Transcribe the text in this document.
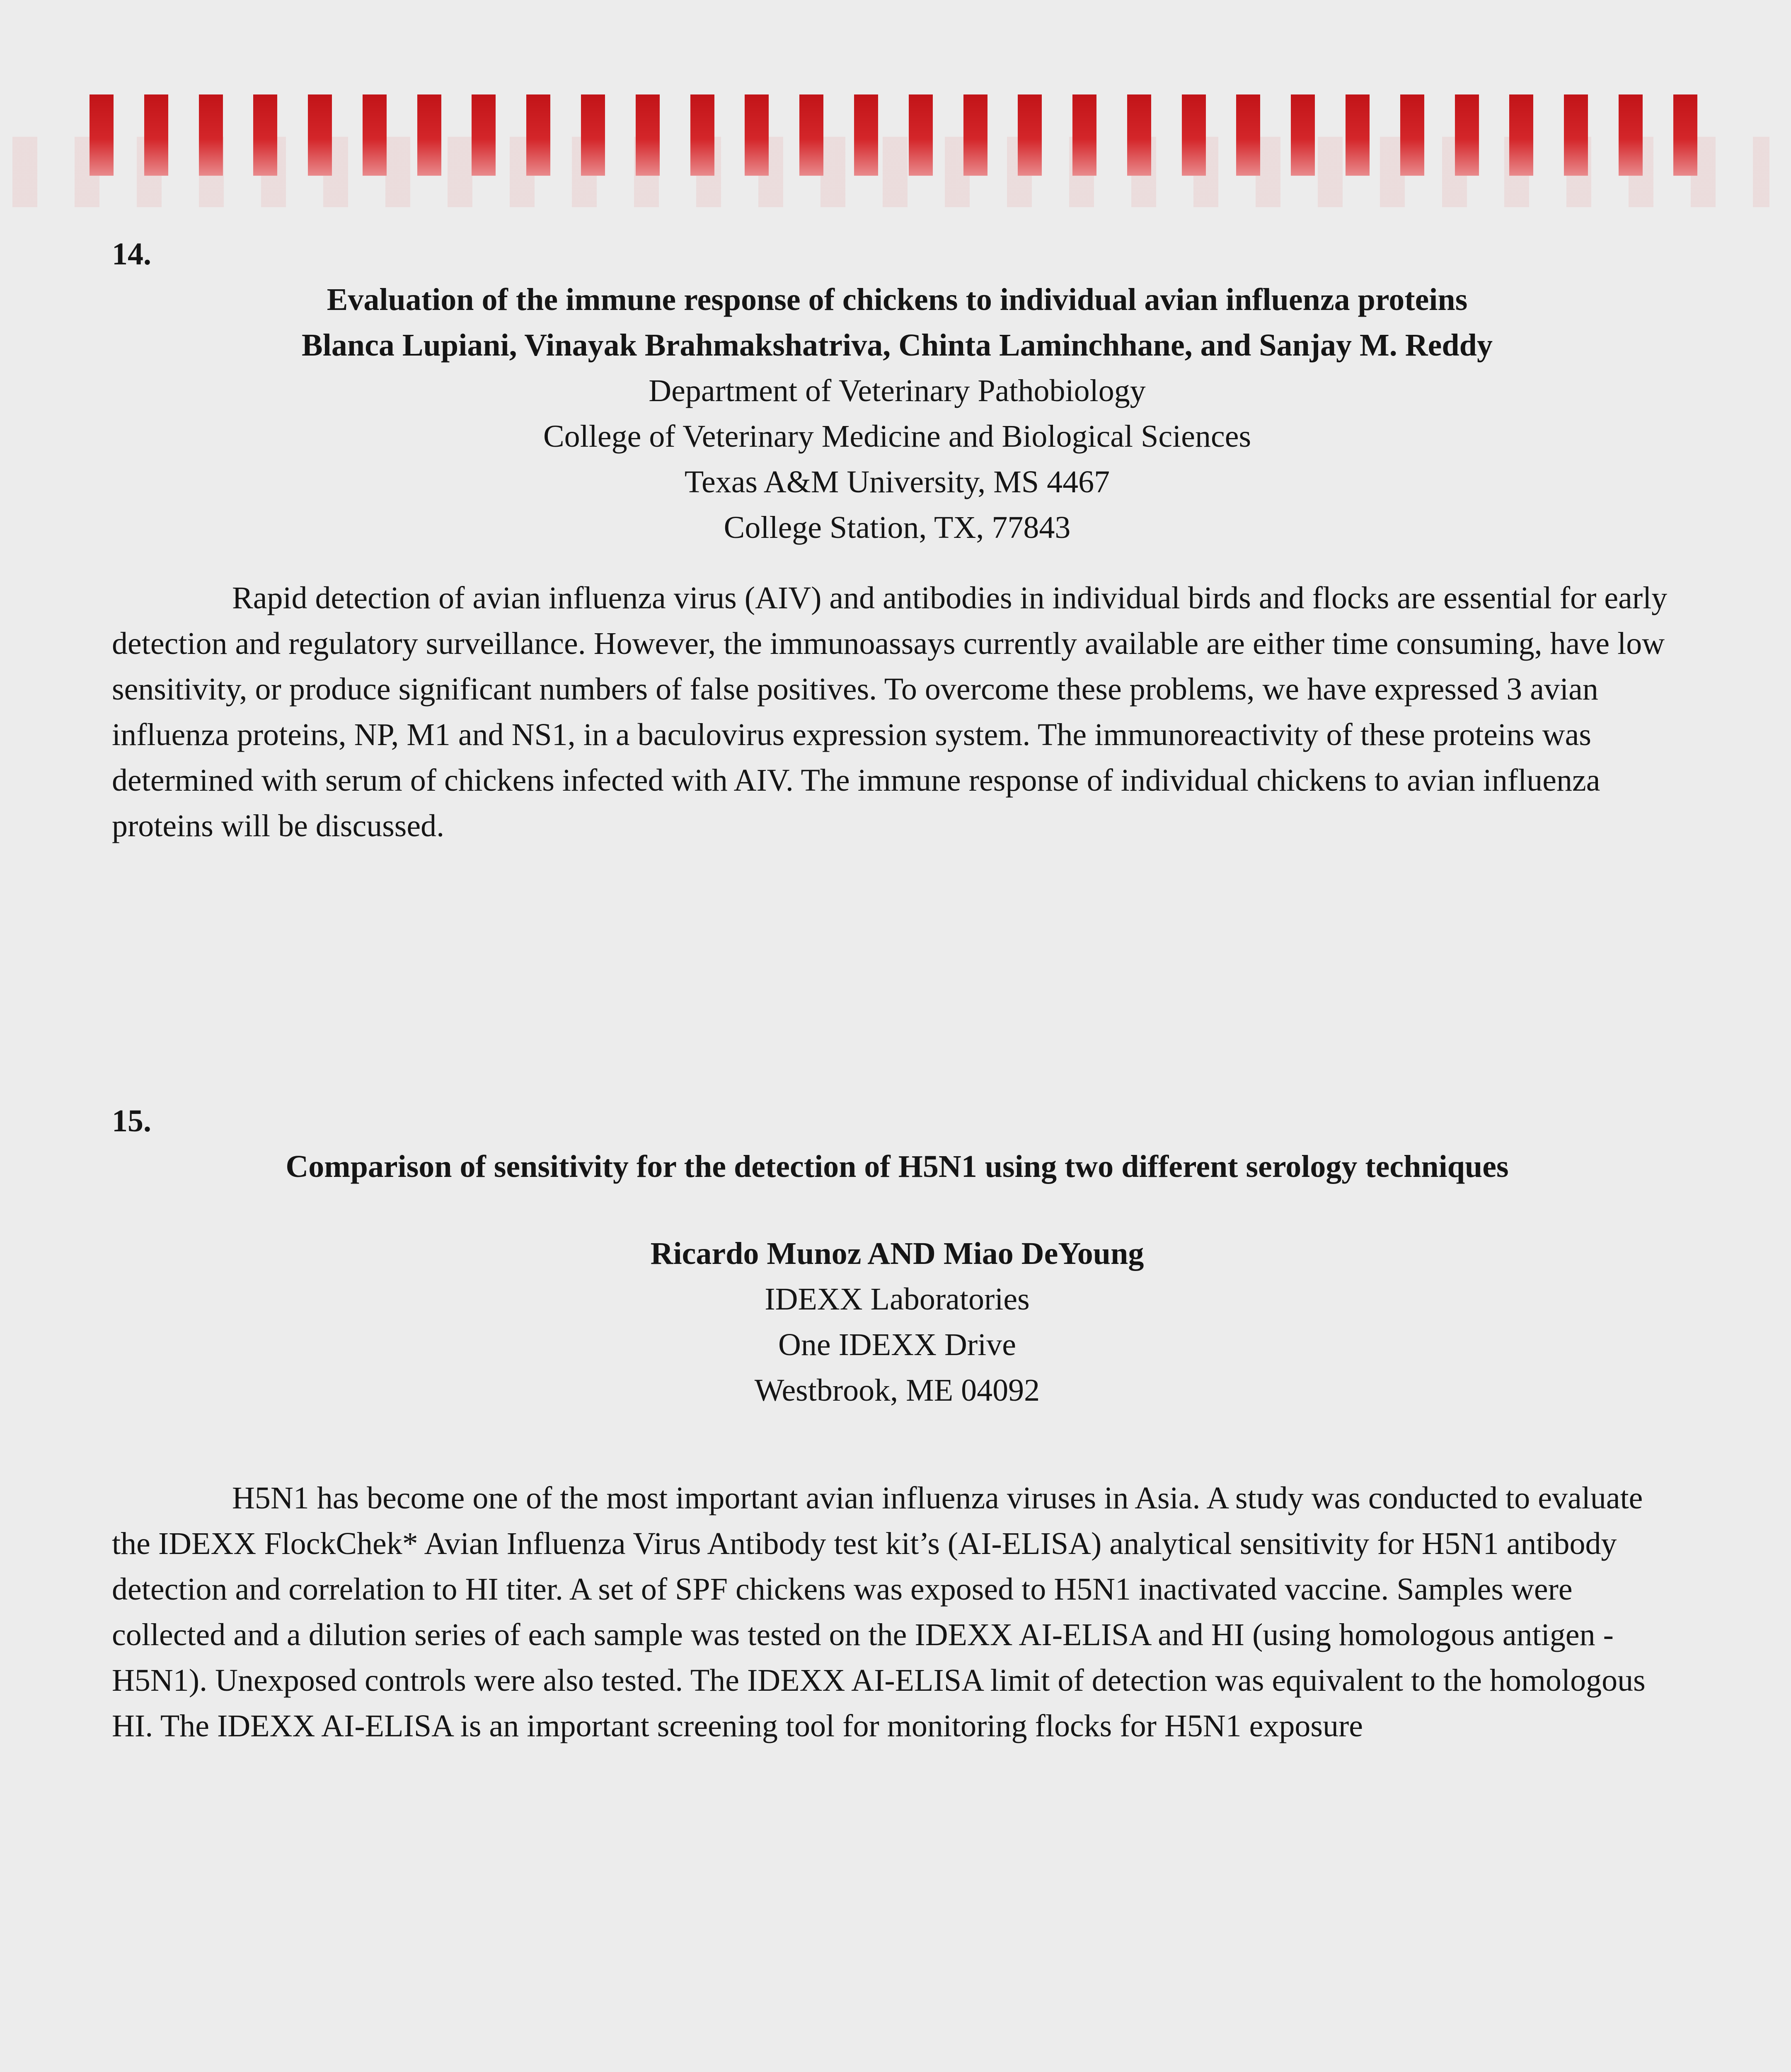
14.
Evaluation of the immune response of chickens to individual avian influenza proteins
Blanca Lupiani, Vinayak Brahmakshatriva, Chinta Laminchhane, and Sanjay M. Reddy
Department of Veterinary Pathobiology
College of Veterinary Medicine and Biological Sciences
Texas A&M University, MS 4467
College Station, TX, 77843

Rapid detection of avian influenza virus (AIV) and antibodies in individual birds and flocks are essential for early detection and regulatory surveillance. However, the immunoassays currently available are either time consuming, have low sensitivity, or produce significant numbers of false positives. To overcome these problems, we have expressed 3 avian influenza proteins, NP, M1 and NS1, in a baculovirus expression system. The immunoreactivity of these proteins was determined with serum of chickens infected with AIV. The immune response of individual chickens to avian influenza proteins will be discussed.

15.
Comparison of sensitivity for the detection of H5N1 using two different serology techniques
Ricardo Munoz AND Miao DeYoung
IDEXX Laboratories
One IDEXX Drive
Westbrook, ME 04092

H5N1 has become one of the most important avian influenza viruses in Asia. A study was conducted to evaluate the IDEXX FlockChek* Avian Influenza Virus Antibody test kit’s (AI-ELISA) analytical sensitivity for H5N1 antibody detection and correlation to HI titer. A set of SPF chickens was exposed to H5N1 inactivated vaccine. Samples were collected and a dilution series of each sample was tested on the IDEXX AI-ELISA and HI (using homologous antigen - H5N1). Unexposed controls were also tested. The IDEXX AI-ELISA limit of detection was equivalent to the homologous HI. The IDEXX AI-ELISA is an important screening tool for monitoring flocks for H5N1 exposure
